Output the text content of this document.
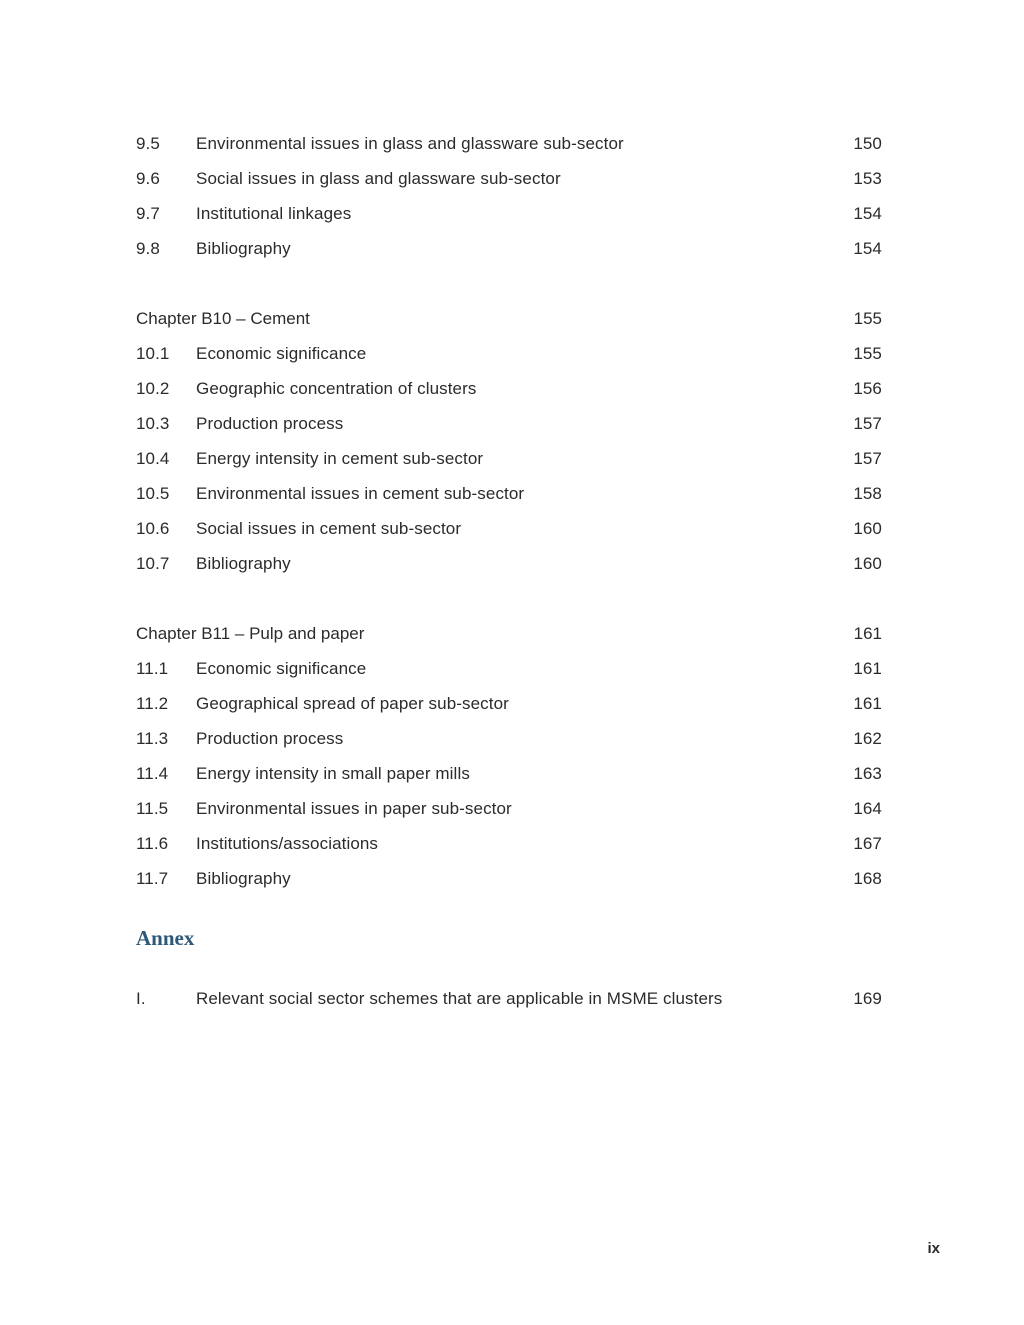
9.5 Environmental issues in glass and glassware sub-sector	150
9.6 Social issues in glass and glassware sub-sector	153
9.7 Institutional linkages	154
9.8 Bibliography	154
Chapter B10 – Cement	155
10.1 Economic significance	155
10.2 Geographic concentration of clusters	156
10.3 Production process	157
10.4 Energy intensity in cement sub-sector	157
10.5 Environmental issues in cement sub-sector	158
10.6 Social issues in cement sub-sector	160
10.7 Bibliography	160
Chapter B11 – Pulp and paper	161
11.1 Economic significance	161
11.2 Geographical spread of paper sub-sector	161
11.3 Production process	162
11.4 Energy intensity in small paper mills	163
11.5 Environmental issues in paper sub-sector	164
11.6 Institutions/associations	167
11.7 Bibliography	168
Annex
I.	Relevant social sector schemes that are applicable in MSME clusters	169
ix
